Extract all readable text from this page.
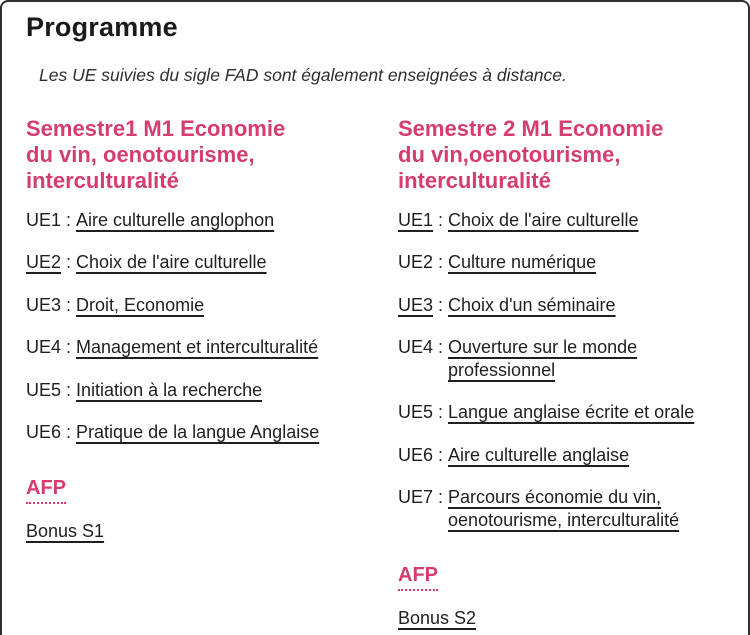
Programme

Les UE suivies du sigle FAD sont également enseignées à distance.

Semestre1 M1 Economie
du vin, oenotourisme,
interculturalité
UE1 : Aire culturelle anglophon
UE2 : Choix de l'aire culturelle
UE3 : Droit, Economie
UE4 : Management et interculturalité
UE5 : Initiation à la recherche
UE6 : Pratique de la langue Anglaise
AFP
Bonus S1
Semestre 2 M1 Economie
du vin,oenotourisme,
interculturalité
UE1 : Choix de l'aire culturelle
UE2 : Culture numérique
UE3 : Choix d'un séminaire
UE4 : Ouverture sur le monde professionnel
UE5 : Langue anglaise écrite et orale
UE6 : Aire culturelle anglaise
UE7 : Parcours économie du vin, oenotourisme, interculturalité
AFP
Bonus S2
